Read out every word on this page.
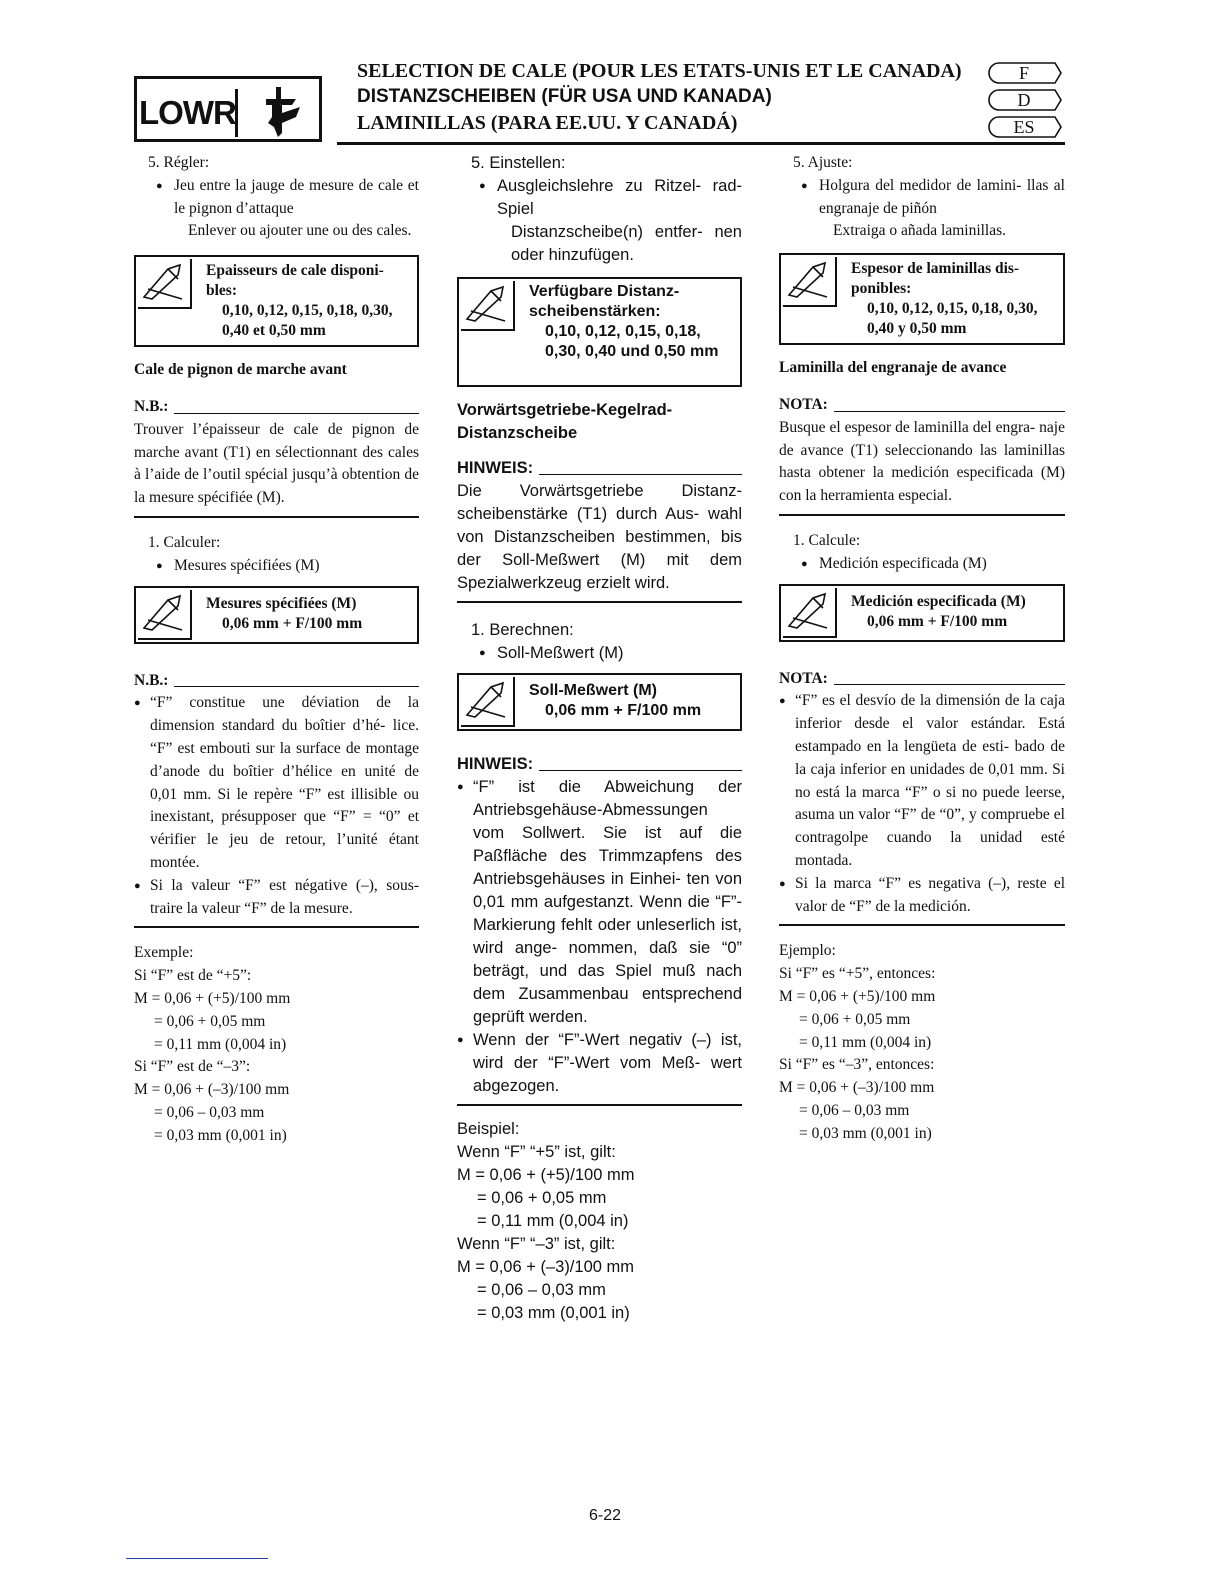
LOWR
SELECTION DE CALE (POUR LES ETATS-UNIS ET LE CANADA)
DISTANZSCHEIBEN (FÜR USA UND KANADA)
LAMINILLAS (PARA EE.UU. Y CANADÁ)
F
D
ES

5. Régler:

● Jeu entre la jauge de mesure de cale et le pignon d’attaque

Enlever ou ajouter une ou des cales.

Epaisseurs de cale disponi- bles:
0,10, 0,12, 0,15, 0,18, 0,30, 0,40 et 0,50 mm

Cale de pignon de marche avant

N.B.:

Trouver l’épaisseur de cale de pignon de marche avant (T1) en sélectionnant des cales à l’aide de l’outil spécial jusqu’à obtention de la mesure spécifiée (M).

1. Calculer:

● Mesures spécifiées (M)

Mesures spécifiées (M)
0,06 mm + F/100 mm
N.B.:

● “F” constitue une déviation de la dimension standard du boîtier d’hé- lice. “F” est embouti sur la surface de montage d’anode du boîtier d’hélice en unité de 0,01 mm. Si le repère “F” est illisible ou inexistant, présupposer que “F” = “0” et vérifier le jeu de retour, l’unité étant montée.

● Si la valeur “F” est négative (–), sous- traire la valeur “F” de la mesure.

Exemple:

Si “F” est de “+5”:

M = 0,06 + (+5)/100 mm

= 0,06 + 0,05 mm

= 0,11 mm (0,004 in)

Si “F” est de “–3”:

M = 0,06 + (–3)/100 mm

= 0,06 – 0,03 mm

= 0,03 mm (0,001 in)

5. Einstellen:

● Ausgleichslehre zu Ritzel- rad-Spiel

Distanzscheibe(n) entfer- nen oder hinzufügen.

Verfügbare Distanz- scheibenstärken:
0,10, 0,12, 0,15, 0,18, 0,30, 0,40 und 0,50 mm

Vorwärtsgetriebe-Kegelrad- Distanzscheibe

HINWEIS:

Die Vorwärtsgetriebe Distanz- scheibenstärke (T1) durch Aus- wahl von Distanzscheiben bestimmen, bis der Soll-Meßwert (M) mit dem Spezialwerkzeug erzielt wird.

1. Berechnen:

● Soll-Meßwert (M)

Soll-Meßwert (M)
0,06 mm + F/100 mm
HINWEIS:

● “F” ist die Abweichung der Antriebsgehäuse-Abmessungen vom Sollwert. Sie ist auf die Paßfläche des Trimmzapfens des Antriebsgehäuses in Einhei- ten von 0,01 mm aufgestanzt. Wenn die “F”-Markierung fehlt oder unleserlich ist, wird ange- nommen, daß sie “0” beträgt, und das Spiel muß nach dem Zusammenbau entsprechend geprüft werden.

● Wenn der “F”-Wert negativ (–) ist, wird der “F”-Wert vom Meß- wert abgezogen.

Beispiel:

Wenn “F” “+5” ist, gilt:

M = 0,06 + (+5)/100 mm

= 0,06 + 0,05 mm

= 0,11 mm (0,004 in)

Wenn “F” “–3” ist, gilt:

M = 0,06 + (–3)/100 mm

= 0,06 – 0,03 mm

= 0,03 mm (0,001 in)

5. Ajuste:

● Holgura del medidor de lamini- llas al engranaje de piñón

Extraiga o añada laminillas.

Espesor de laminillas dis- ponibles:
0,10, 0,12, 0,15, 0,18, 0,30, 0,40 y 0,50 mm

Laminilla del engranaje de avance

NOTA:

Busque el espesor de laminilla del engra- naje de avance (T1) seleccionando las laminillas hasta obtener la medición especificada (M) con la herramienta especial.

1. Calcule:

● Medición especificada (M)

Medición especificada (M)
0,06 mm + F/100 mm
NOTA:

● “F” es el desvío de la dimensión de la caja inferior desde el valor estándar. Está estampado en la lengüeta de esti- bado de la caja inferior en unidades de 0,01 mm. Si no está la marca “F” o si no puede leerse, asuma un valor “F” de “0”, y compruebe el contragolpe cuando la unidad esté montada.

● Si la marca “F” es negativa (–), reste el valor de “F” de la medición.

Ejemplo:

Si “F” es “+5”, entonces:

M = 0,06 + (+5)/100 mm

= 0,06 + 0,05 mm

= 0,11 mm (0,004 in)

Si “F” es “–3”, entonces:

M = 0,06 + (–3)/100 mm

= 0,06 – 0,03 mm

= 0,03 mm (0,001 in)

6-22
